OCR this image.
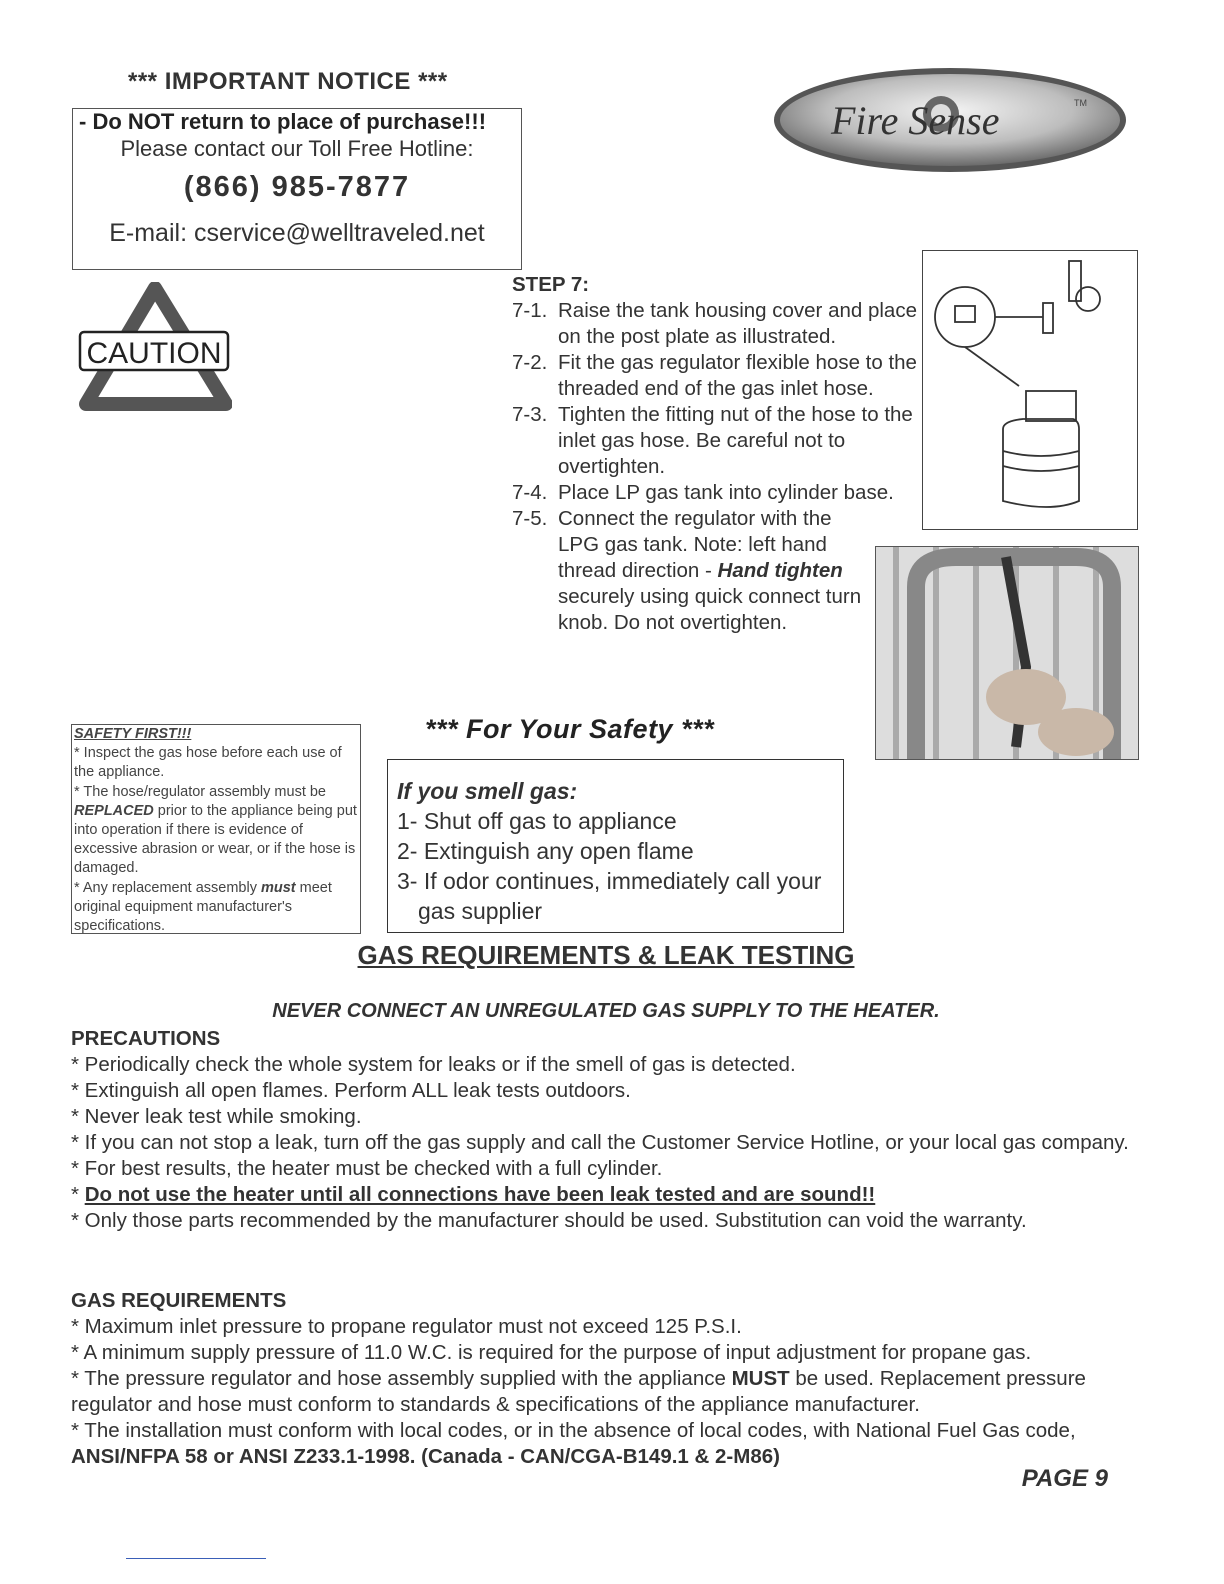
*** IMPORTANT NOTICE ***
- Do NOT return to place of purchase!!!
Please contact our Toll Free Hotline:
(866) 985-7877
E-mail: cservice@welltraveled.net
Fire Sense	TM
CAUTION
STEP 7:
7-1. Raise the tank housing cover and place on the post plate as illustrated.
7-2. Fit the gas regulator flexible hose to the threaded end of the gas inlet hose.
7-3. Tighten the fitting nut of the hose to the inlet gas hose. Be careful not to overtighten.
7-4. Place LP gas tank into cylinder base.
7-5. Connect the regulator with the LPG gas tank. Note: left hand thread direction - Hand tighten securely using quick connect turn knob. Do not overtighten.
SAFETY FIRST!!!
* Inspect the gas hose before each use of the appliance.
* The hose/regulator assembly must be REPLACED prior to the appliance being put into operation if there is evidence of excessive abrasion or wear, or if the hose is damaged.
* Any replacement assembly must meet original equipment manufacturer's specifications.
*** For Your Safety ***
If you smell gas:
1- Shut off gas to appliance
2- Extinguish any open flame
3- If odor continues, immediately call your
gas supplier
GAS REQUIREMENTS & LEAK TESTING
NEVER CONNECT AN UNREGULATED GAS SUPPLY TO THE HEATER.
PRECAUTIONS
* Periodically check the whole system for leaks or if the smell of gas is detected.
* Extinguish all open flames. Perform ALL leak tests outdoors.
* Never leak test while smoking.
* If you can not stop a leak, turn off the gas supply and call the Customer Service Hotline, or your local gas company.
* For best results, the heater must be checked with a full cylinder.
* Do not use the heater until all connections have been leak tested and are sound!!
* Only those parts recommended by the manufacturer should be used. Substitution can void the warranty.
GAS REQUIREMENTS
* Maximum inlet pressure to propane regulator must not exceed 125 P.S.I.
* A minimum supply pressure of 11.0 W.C. is required for the purpose of input adjustment for propane gas.
* The pressure regulator and hose assembly supplied with the appliance MUST be used. Replacement pressure regulator and hose must conform to standards & specifications of the appliance manufacturer.
* The installation must conform with local codes, or in the absence of local codes, with National Fuel Gas code, ANSI/NFPA 58 or ANSI Z233.1-1998. (Canada - CAN/CGA-B149.1 & 2-M86)
PAGE 9
